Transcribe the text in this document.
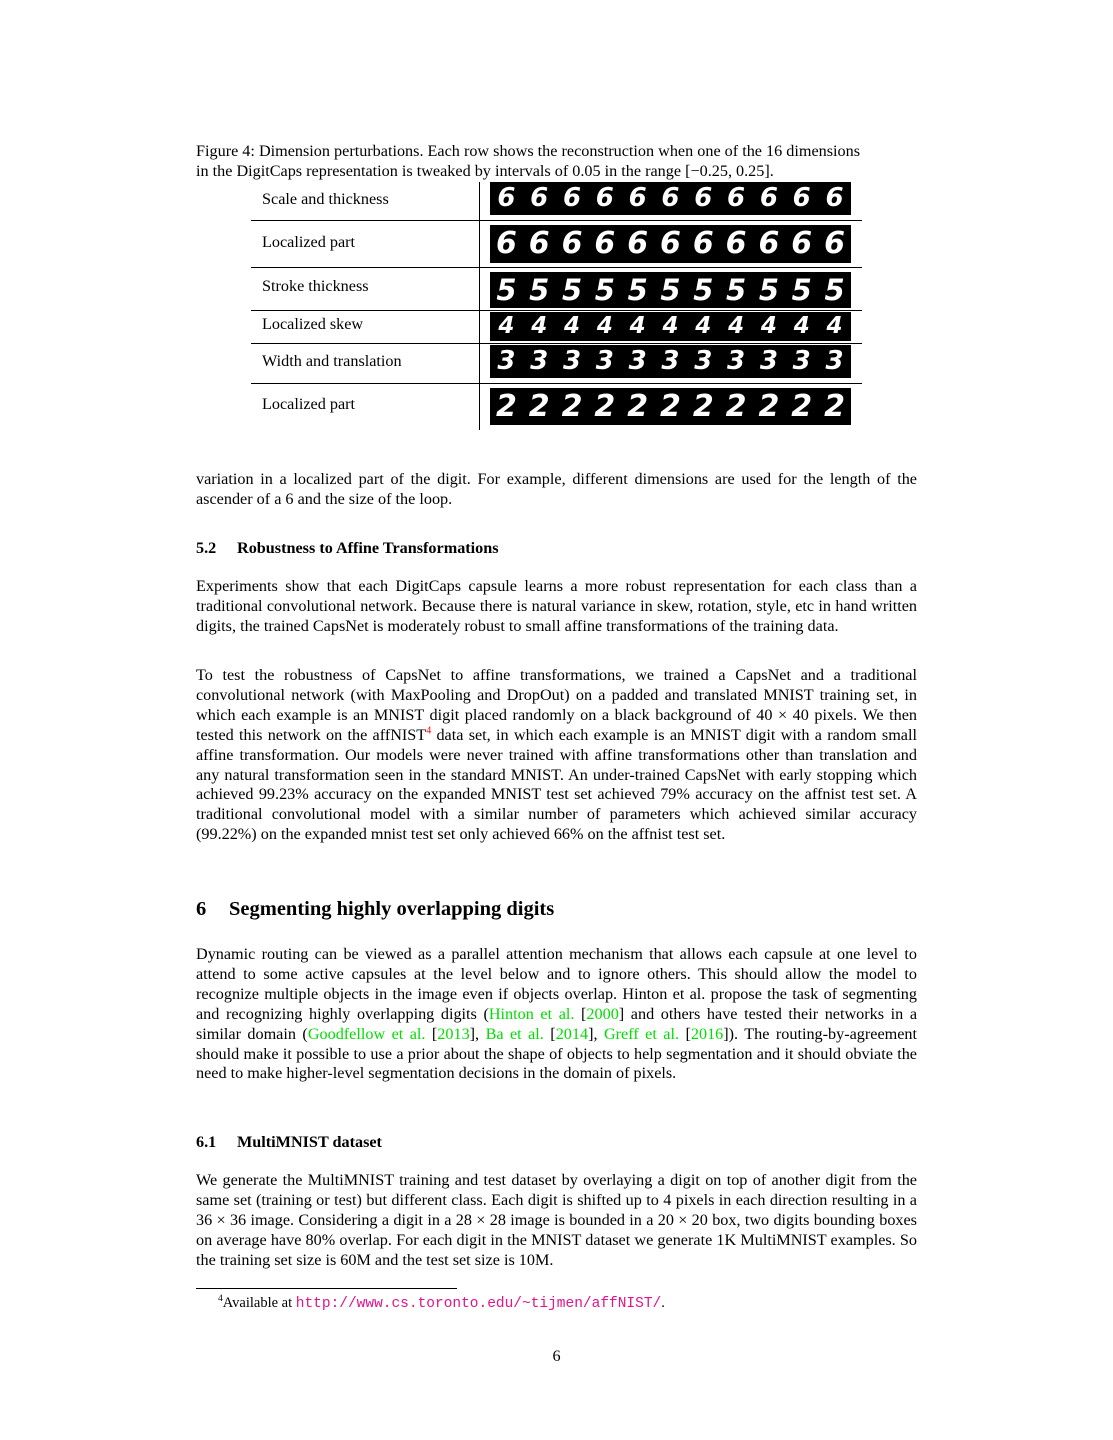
Figure 4: Dimension perturbations. Each row shows the reconstruction when one of the 16 dimensions
in the DigitCaps representation is tweaked by intervals of 0.05 in the range [−0.25, 0.25].
Scale and thickness	6 6 6 6 6 6 6 6 6 6 6
Localized part	6 6 6 6 6 6 6 6 6 6 6
Stroke thickness	5 5 5 5 5 5 5 5 5 5 5
Localized skew	4 4 4 4 4 4 4 4 4 4 4
Width and translation	3 3 3 3 3 3 3 3 3 3 3
Localized part	2 2 2 2 2 2 2 2 2 2 2

variation in a localized part of the digit. For example, different dimensions are used for the length of the ascender of a 6 and the size of the loop.

5.2 Robustness to Affine Transformations

Experiments show that each DigitCaps capsule learns a more robust representation for each class than a traditional convolutional network. Because there is natural variance in skew, rotation, style, etc in hand written digits, the trained CapsNet is moderately robust to small affine transformations of the training data.

To test the robustness of CapsNet to affine transformations, we trained a CapsNet and a traditional convolutional network (with MaxPooling and DropOut) on a padded and translated MNIST training set, in which each example is an MNIST digit placed randomly on a black background of 40 × 40 pixels. We then tested this network on the affNIST$^4$ data set, in which each example is an MNIST digit with a random small affine transformation. Our models were never trained with affine transformations other than translation and any natural transformation seen in the standard MNIST. An under-trained CapsNet with early stopping which achieved 99.23% accuracy on the expanded MNIST test set achieved 79% accuracy on the affnist test set. A traditional convolutional model with a similar number of parameters which achieved similar accuracy (99.22%) on the expanded mnist test set only achieved 66% on the affnist test set.

6 Segmenting highly overlapping digits

Dynamic routing can be viewed as a parallel attention mechanism that allows each capsule at one level to attend to some active capsules at the level below and to ignore others. This should allow the model to recognize multiple objects in the image even if objects overlap. Hinton et al. propose the task of segmenting and recognizing highly overlapping digits (Hinton et al. [2000] and others have tested their networks in a similar domain (Goodfellow et al. [2013], Ba et al. [2014], Greff et al. [2016]). The routing-by-agreement should make it possible to use a prior about the shape of objects to help segmentation and it should obviate the need to make higher-level segmentation decisions in the domain of pixels.

6.1 MultiMNIST dataset

We generate the MultiMNIST training and test dataset by overlaying a digit on top of another digit from the same set (training or test) but different class. Each digit is shifted up to 4 pixels in each direction resulting in a 36 × 36 image. Considering a digit in a 28 × 28 image is bounded in a 20 × 20 box, two digits bounding boxes on average have 80% overlap. For each digit in the MNIST dataset we generate 1K MultiMNIST examples. So the training set size is 60M and the test set size is 10M.

$^4$Available at http://www.cs.toronto.edu/~tijmen/affNIST/.
6
